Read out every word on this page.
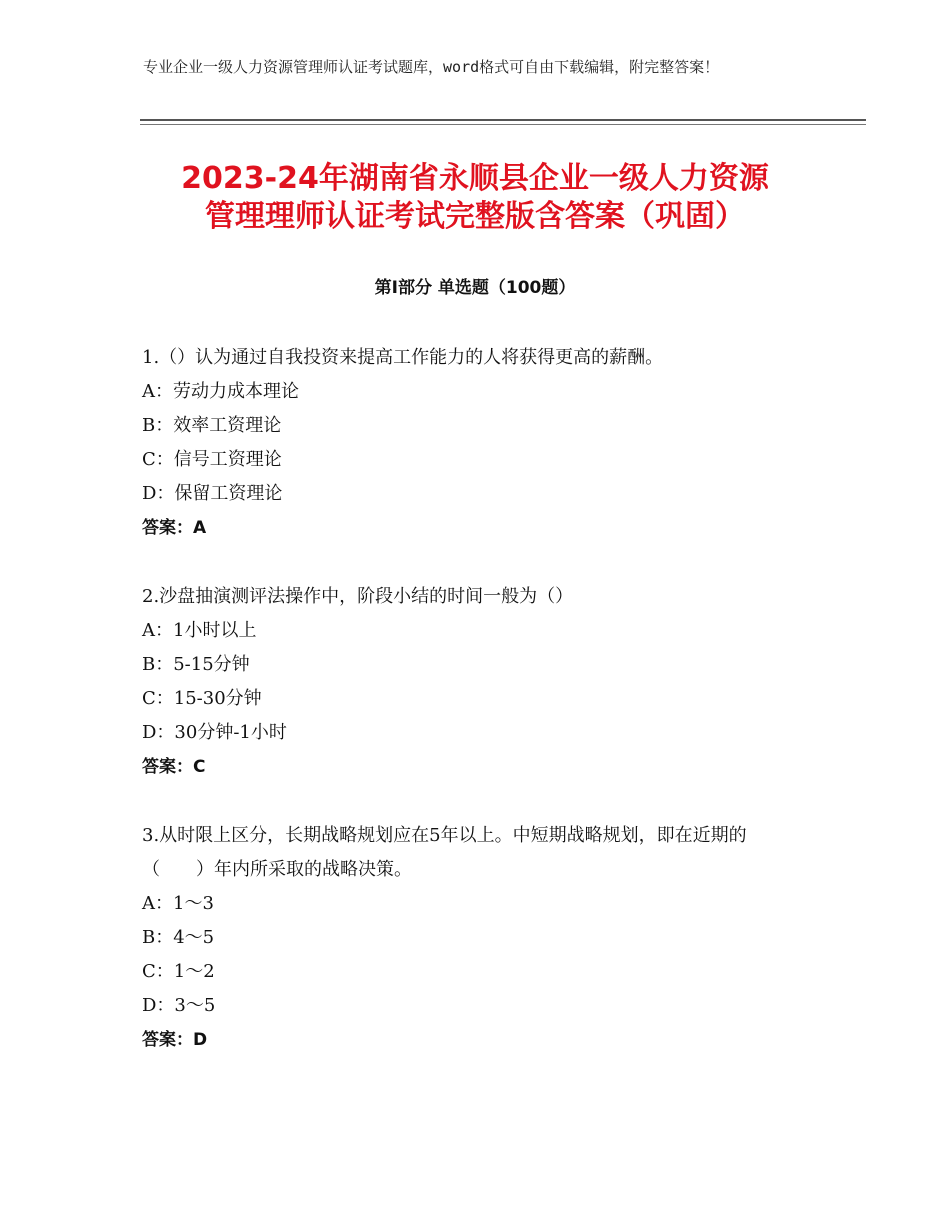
专业企业一级人力资源管理师认证考试题库，word格式可自由下载编辑，附完整答案！
2023-24年湖南省永顺县企业一级人力资源
管理理师认证考试完整版含答案（巩固）
第I部分 单选题（100题）
1.（）认为通过自我投资来提高工作能力的人将获得更高的薪酬。
A：劳动力成本理论
B：效率工资理论
C：信号工资理论
D：保留工资理论
答案：A
2.沙盘抽演测评法操作中，阶段小结的时间一般为（）
A：1小时以上
B：5-15分钟
C：15-30分钟
D：30分钟-1小时
答案：C
3.从时限上区分，长期战略规划应在5年以上。中短期战略规划，即在近期的（　　）年内所采取的战略决策。
A：1～3
B：4～5
C：1～2
D：3～5
答案：D
